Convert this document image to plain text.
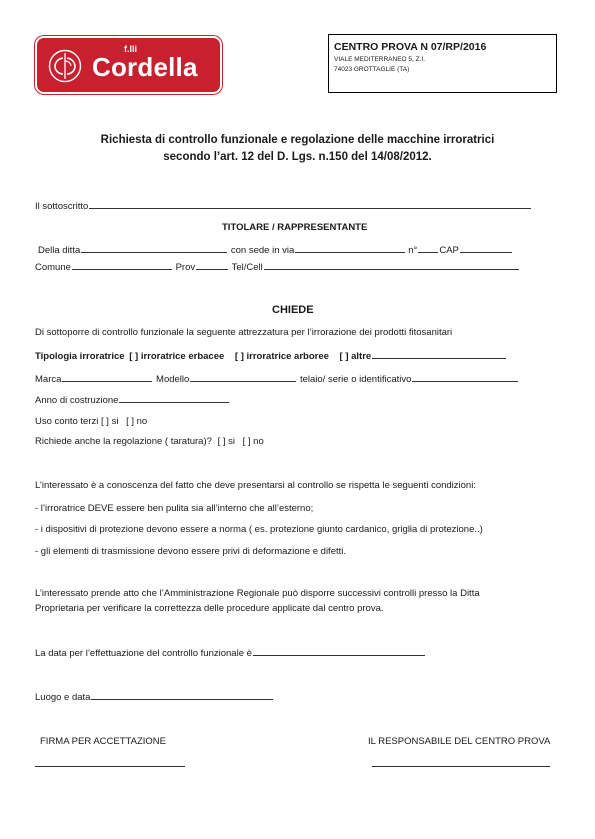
f.lli
Cordella
CENTRO PROVA N 07/RP/2016
VIALE MEDITERRANEO 5, Z.I.
74023 GROTTAGLIE (TA)
Richiesta di controllo funzionale e regolazione delle macchine irroratrici
secondo l’art. 12 del D. Lgs. n.150 del 14/08/2012.
Il sottoscritto
TITOLARE / RAPPRESENTANTE
Della ditta	con sede in via	n° CAP
Comune	Prov	Tel/Cell
CHIEDE
Di sottoporre di controllo funzionale la seguente attrezzatura per l’irrorazione dei prodotti fitosanitari
Tipologia irroratrice [ ] irroratrice erbacee [ ] irroratrice arboree [ ] altre
Marca	Modello	telaio/ serie o identificativo
Anno di costruzione
Uso conto terzi [ ] si [ ] no
Richiede anche la regolazione ( taratura)? [ ] si [ ] no
L’interessato è a conoscenza del fatto che deve presentarsi al controllo se rispetta le seguenti condizioni:
- l’irroratrice DEVE essere ben pulita sia all’interno che all’esterno;
- i dispositivi di protezione devono essere a norma ( es. protezione giunto cardanico, griglia di protezione..)
- gli elementi di trasmissione devono essere privi di deformazione e difetti.
L’interessato prende atto che l’Amministrazione Regionale può disporre successivi controlli presso la Ditta
Proprietaria per verificare la correttezza delle procedure applicate dal centro prova.
La data per l’effettuazione del controllo funzionale è
Luogo e data
FIRMA PER ACCETTAZIONE	IL RESPONSABILE DEL CENTRO PROVA
